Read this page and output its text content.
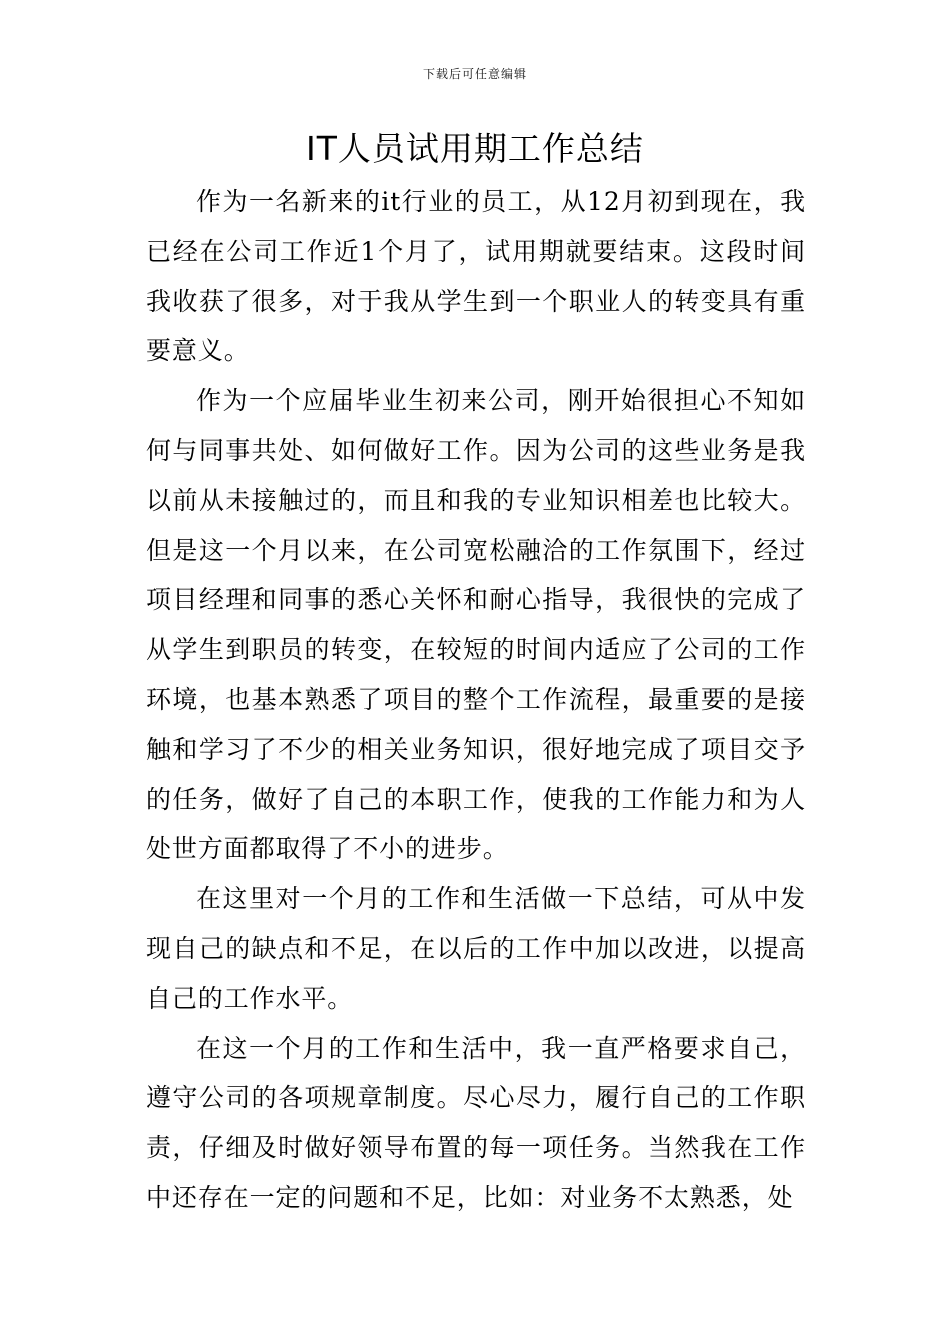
下载后可任意编辑
IT人员试用期工作总结

作为一名新来的it行业的员工，从12月初到现在，我已经在公司工作近1个月了，试用期就要结束。这段时间我收获了很多，对于我从学生到一个职业人的转变具有重要意义。

作为一个应届毕业生初来公司，刚开始很担心不知如何与同事共处、如何做好工作。因为公司的这些业务是我以前从未接触过的，而且和我的专业知识相差也比较大。但是这一个月以来，在公司宽松融洽的工作氛围下，经过项目经理和同事的悉心关怀和耐心指导，我很快的完成了从学生到职员的转变，在较短的时间内适应了公司的工作环境，也基本熟悉了项目的整个工作流程，最重要的是接触和学习了不少的相关业务知识，很好地完成了项目交予的任务，做好了自己的本职工作，使我的工作能力和为人处世方面都取得了不小的进步。

在这里对一个月的工作和生活做一下总结，可从中发现自己的缺点和不足，在以后的工作中加以改进，以提高自己的工作水平。

在这一个月的工作和生活中，我一直严格要求自己，遵守公司的各项规章制度。尽心尽力，履行自己的工作职责，仔细及时做好领导布置的每一项任务。当然我在工作中还存在一定的问题和不足，比如：对业务不太熟悉，处
